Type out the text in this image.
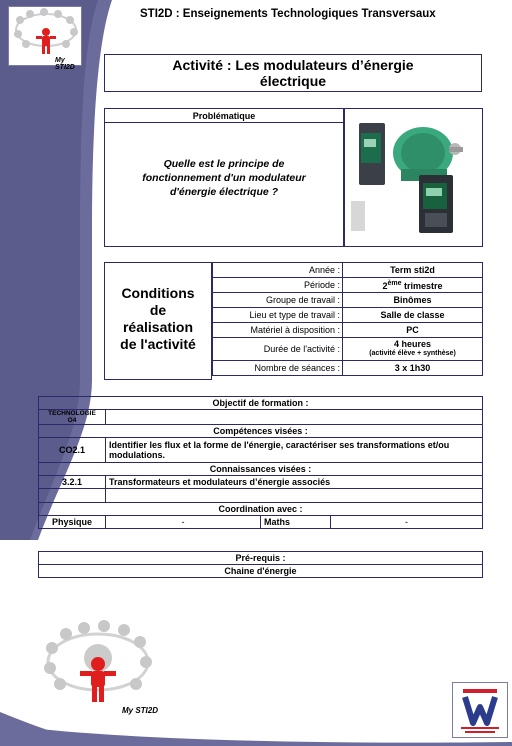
STI2D : Enseignements Technologiques Transversaux
My STI2D	Activité : Les modulateurs d’énergie
électrique
Problématique
Quelle est le principe de
fonctionnement d'un modulateur
d'énergie électrique ?
Conditions
de
réalisation
de l'activité
Année :	Term sti2d
Période :	2ème trimestre
Groupe de travail :	Binômes
Lieu et type de travail :	Salle de classe
Matériel à disposition :	PC
Durée de l'activité :	4 heures
(activité élève + synthèse)

Nombre de séances :	3 x 1h30
Objectif de formation :			

TECHNOLOGIE
O4			

Compétences visées :			
CO2.1	Identifier les flux et la forme de l'énergie, caractériser ses transformations et/ou modulations.		
Connaissances visées :			
3.2.1	Transformateurs et modulateurs d’énergie associés		

Coordination avec :			
Physique	-	Maths	-
Pré-requis :
Chaine d'énergie
My STI2D
